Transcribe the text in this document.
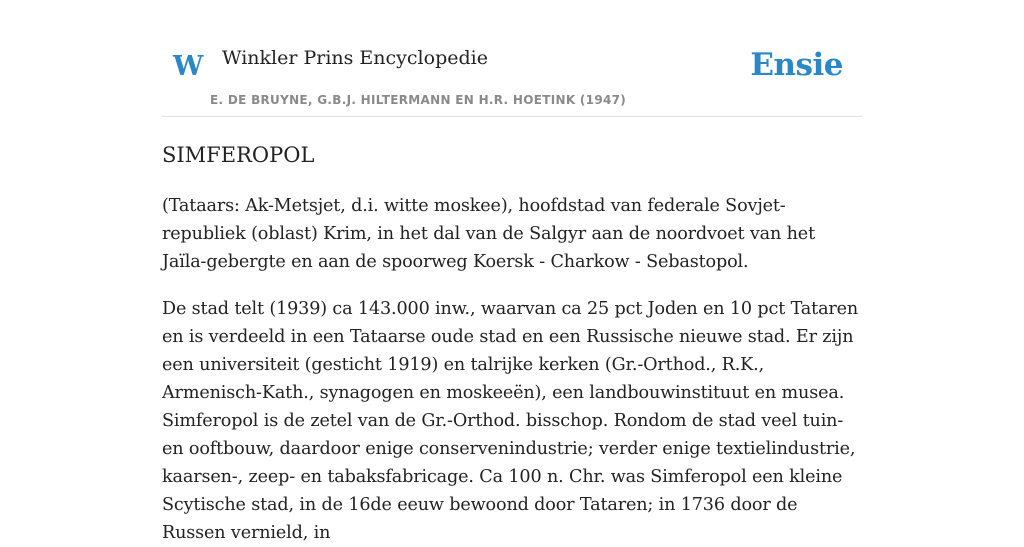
W Winkler Prins Encyclopedie
E. DE BRUYNE, G.B.J. HILTERMANN EN H.R. HOETINK (1947)
Ensie
SIMFEROPOL

(Tataars: Ak-Metsjet, d.i. witte moskee), hoofdstad van federale Sovjet-republiek (oblast) Krim, in het dal van de Salgyr aan de noordvoet van het Jaïla-gebergte en aan de spoorweg Koersk - Charkow - Sebastopol.

De stad telt (1939) ca 143.000 inw., waarvan ca 25 pct Joden en 10 pct Tataren en is verdeeld in een Tataarse oude stad en een Russische nieuwe stad. Er zijn een universiteit (gesticht 1919) en talrijke kerken (Gr.-Orthod., R.K., Armenisch-Kath., synagogen en moskeeën), een landbouwinstituut en musea. Simferopol is de zetel van de Gr.-Orthod. bisschop. Rondom de stad veel tuin- en ooftbouw, daardoor enige conservenindustrie; verder enige textielindustrie, kaarsen-, zeep- en tabaksfabricage. Ca 100 n. Chr. was Simferopol een kleine Scytische stad, in de 16de eeuw bewoond door Tataren; in 1736 door de Russen vernield, in
